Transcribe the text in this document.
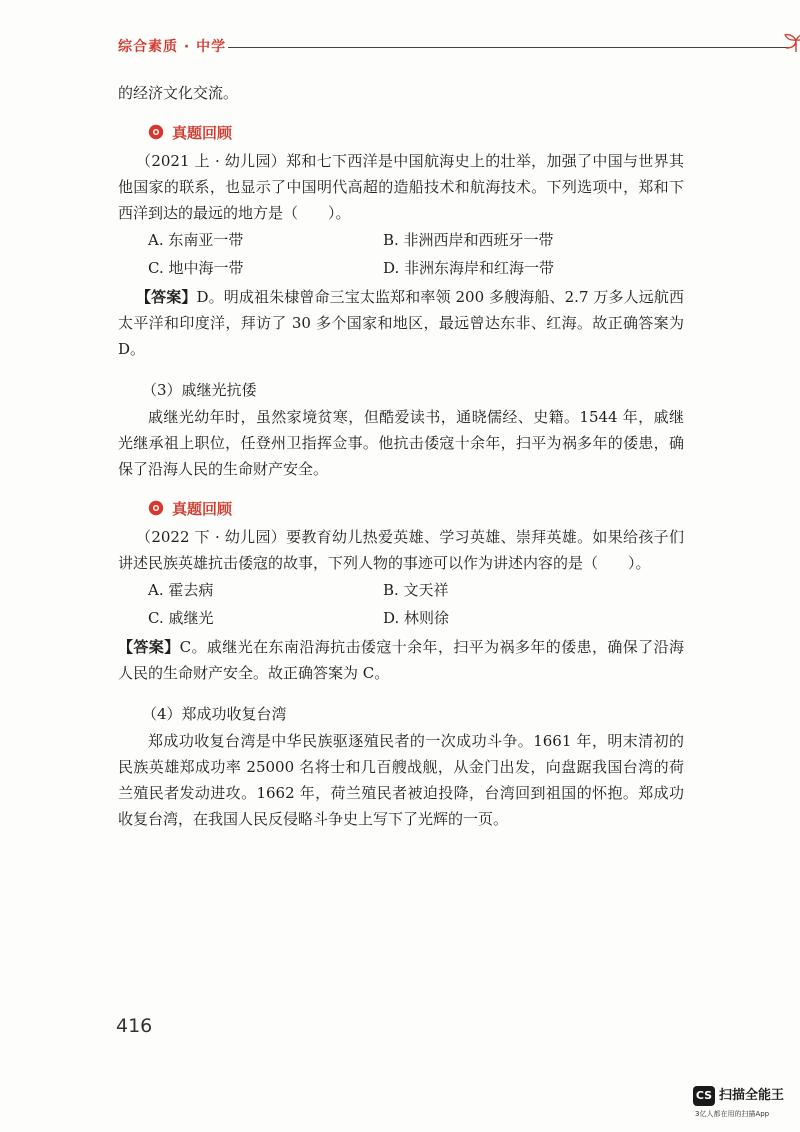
综合素质 · 中学

的经济文化交流。

真题回顾

（2021 上 · 幼儿园）郑和七下西洋是中国航海史上的壮举，加强了中国与世界其他国家的联系，也显示了中国明代高超的造船技术和航海技术。下列选项中，郑和下西洋到达的最远的地方是（　　）。

A. 东南亚一带	B. 非洲西岸和西班牙一带
C. 地中海一带	D. 非洲东海岸和红海一带

【答案】D。明成祖朱棣曾命三宝太监郑和率领 200 多艘海船、2.7 万多人远航西太平洋和印度洋，拜访了 30 多个国家和地区，最远曾达东非、红海。故正确答案为 D。

（3）戚继光抗倭

戚继光幼年时，虽然家境贫寒，但酷爱读书，通晓儒经、史籍。1544 年，戚继光继承祖上职位，任登州卫指挥佥事。他抗击倭寇十余年，扫平为祸多年的倭患，确保了沿海人民的生命财产安全。

真题回顾

（2022 下 · 幼儿园）要教育幼儿热爱英雄、学习英雄、崇拜英雄。如果给孩子们讲述民族英雄抗击倭寇的故事，下列人物的事迹可以作为讲述内容的是（　　）。

A. 霍去病	B. 文天祥
C. 戚继光	D. 林则徐

【答案】C。戚继光在东南沿海抗击倭寇十余年，扫平为祸多年的倭患，确保了沿海人民的生命财产安全。故正确答案为 C。

（4）郑成功收复台湾

郑成功收复台湾是中华民族驱逐殖民者的一次成功斗争。1661 年，明末清初的民族英雄郑成功率 25000 名将士和几百艘战舰，从金门出发，向盘踞我国台湾的荷兰殖民者发动进攻。1662 年，荷兰殖民者被迫投降，台湾回到祖国的怀抱。郑成功收复台湾，在我国人民反侵略斗争史上写下了光辉的一页。

416
CS 扫描全能王
3亿人都在用的扫描App
